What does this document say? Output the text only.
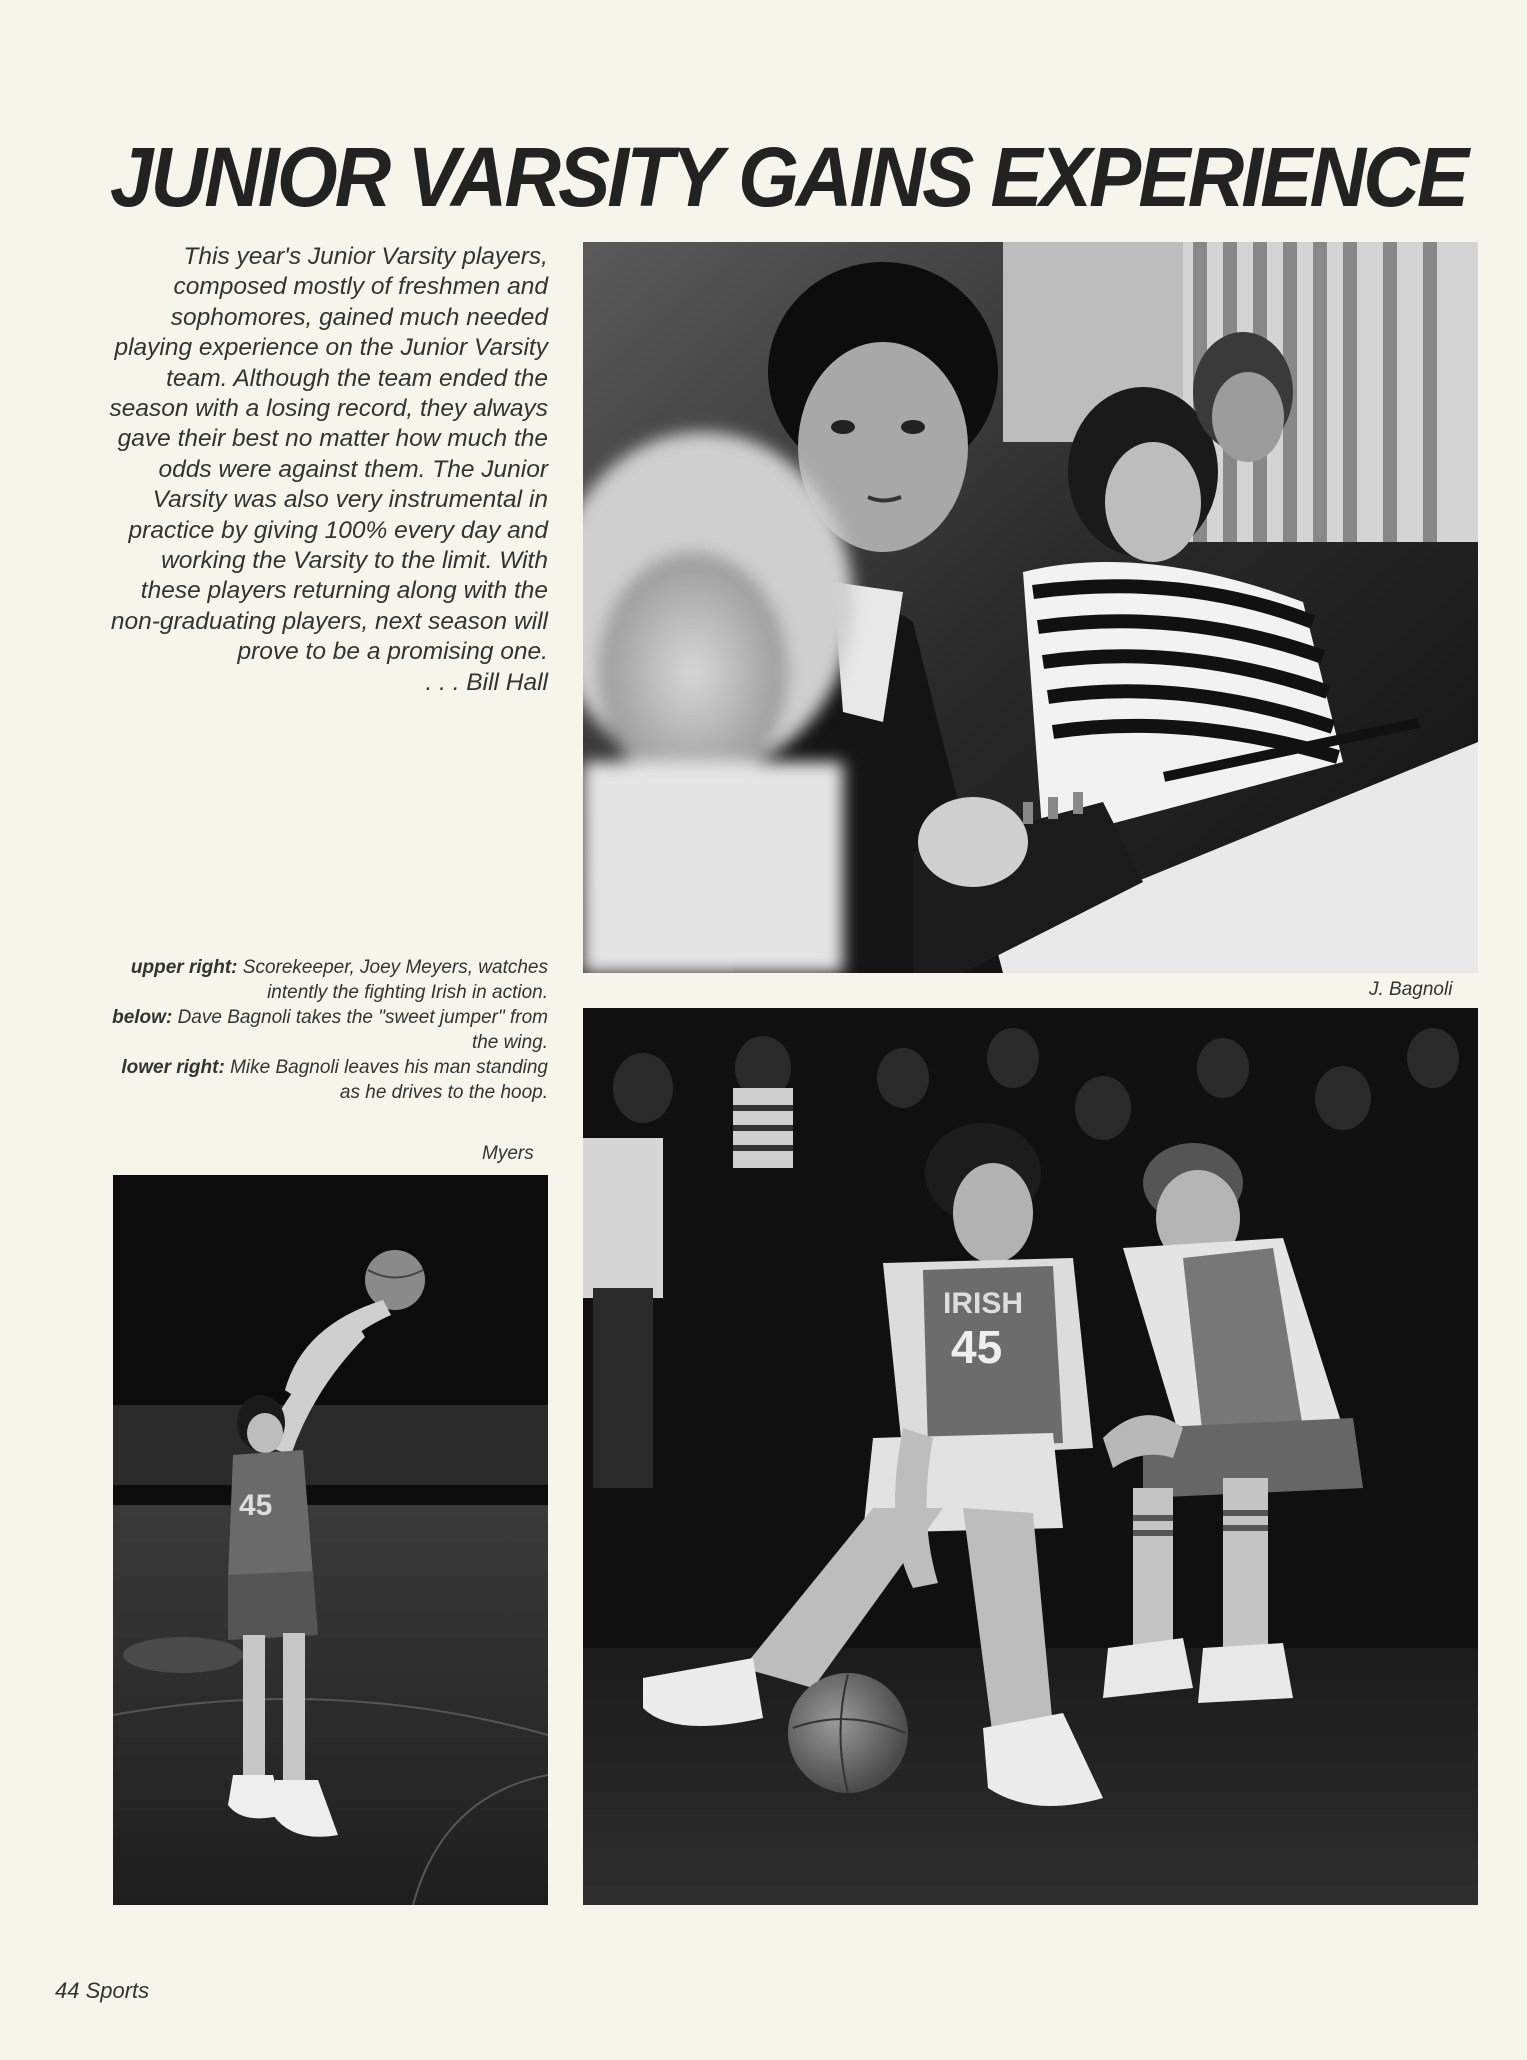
JUNIOR VARSITY GAINS EXPERIENCE

This year's Junior Varsity players, composed mostly of freshmen and sophomores, gained much needed playing experience on the Junior Varsity team. Although the team ended the season with a losing record, they always gave their best no matter how much the odds were against them. The Junior Varsity was also very instrumental in practice by giving 100% every day and working the Varsity to the limit. With these players returning along with the non-graduating players, next season will prove to be a promising one.

. . . Bill Hall

J. Bagnoli

upper right: Scorekeeper, Joey Meyers, watches intently the fighting Irish in action.

below: Dave Bagnoli takes the "sweet jumper" from the wing.

lower right: Mike Bagnoli leaves his man standing as he drives to the hoop.

Myers
45
IRISH
45
44 Sports
